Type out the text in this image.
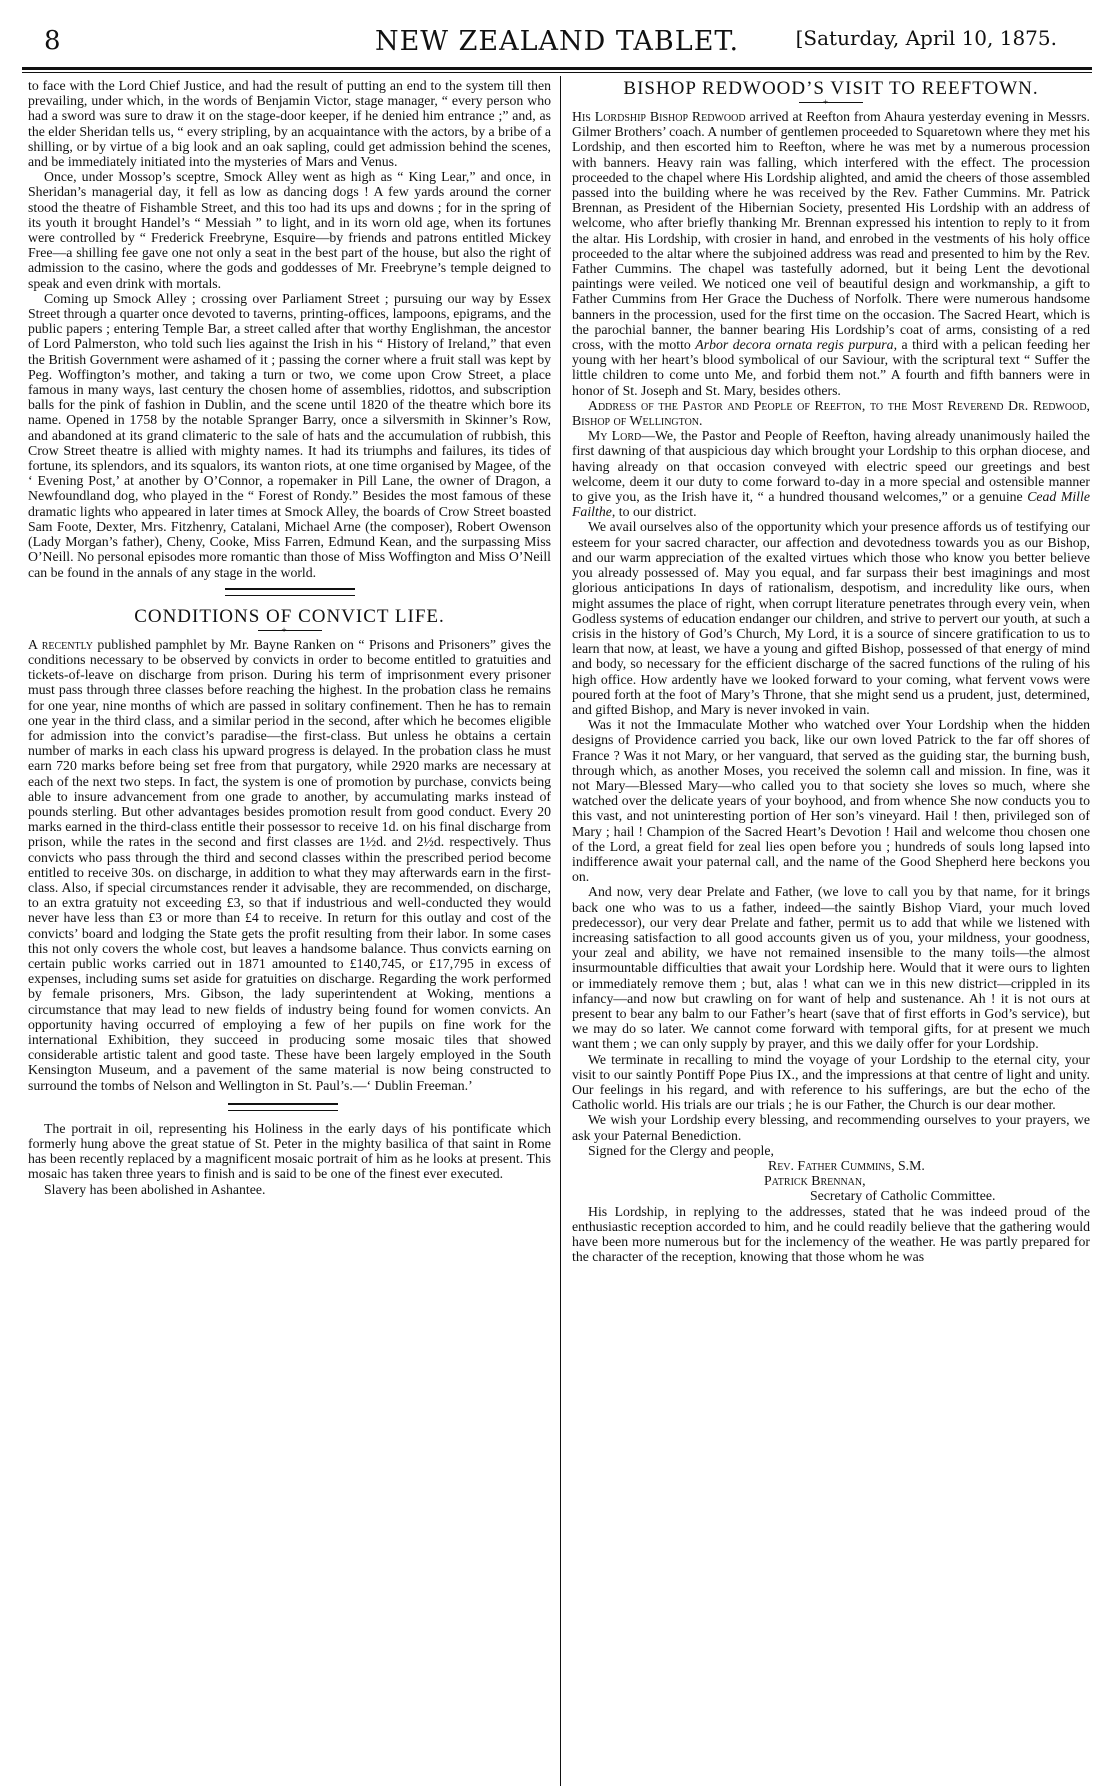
8	NEW ZEALAND TABLET.	[Saturday, April 10, 1875.

to face with the Lord Chief Justice, and had the result of putting an end to the system till then prevailing, under which, in the words of Benjamin Victor, stage manager, “ every person who had a sword was sure to draw it on the stage-door keeper, if he denied him entrance ;” and, as the elder Sheridan tells us, “ every stripling, by an acquaintance with the actors, by a bribe of a shilling, or by virtue of a big look and an oak sapling, could get admission behind the scenes, and be immediately initiated into the mysteries of Mars and Venus.

Once, under Mossop’s sceptre, Smock Alley went as high as “ King Lear,” and once, in Sheridan’s managerial day, it fell as low as dancing dogs ! A few yards around the corner stood the theatre of Fishamble Street, and this too had its ups and downs ; for in the spring of its youth it brought Handel’s “ Messiah ” to light, and in its worn old age, when its fortunes were controlled by “ Frederick Freebryne, Esquire—by friends and patrons entitled Mickey Free—a shilling fee gave one not only a seat in the best part of the house, but also the right of admission to the casino, where the gods and goddesses of Mr. Freebryne’s temple deigned to speak and even drink with mortals.

Coming up Smock Alley ; crossing over Parliament Street ; pursuing our way by Essex Street through a quarter once devoted to taverns, printing-offices, lampoons, epigrams, and the public papers ; entering Temple Bar, a street called after that worthy Englishman, the ancestor of Lord Palmerston, who told such lies against the Irish in his “ History of Ireland,” that even the British Government were ashamed of it ; passing the corner where a fruit stall was kept by Peg. Woffington’s mother, and taking a turn or two, we come upon Crow Street, a place famous in many ways, last century the chosen home of assemblies, ridottos, and subscription balls for the pink of fashion in Dublin, and the scene until 1820 of the theatre which bore its name. Opened in 1758 by the notable Spranger Barry, once a silversmith in Skinner’s Row, and abandoned at its grand climateric to the sale of hats and the accumulation of rubbish, this Crow Street theatre is allied with mighty names. It had its triumphs and failures, its tides of fortune, its splendors, and its squalors, its wanton riots, at one time organised by Magee, of the ‘ Evening Post,’ at another by O’Connor, a ropemaker in Pill Lane, the owner of Dragon, a Newfoundland dog, who played in the “ Forest of Rondy.” Besides the most famous of these dramatic lights who appeared in later times at Smock Alley, the boards of Crow Street boasted Sam Foote, Dexter, Mrs. Fitzhenry, Catalani, Michael Arne (the composer), Robert Owenson (Lady Morgan’s father), Cheny, Cooke, Miss Farren, Edmund Kean, and the surpassing Miss O’Neill. No personal episodes more romantic than those of Miss Woffington and Miss O’Neill can be found in the annals of any stage in the world.

CONDITIONS OF CONVICT LIFE.
+

A recently published pamphlet by Mr. Bayne Ranken on “ Prisons and Prisoners” gives the conditions necessary to be observed by convicts in order to become entitled to gratuities and tickets-of-leave on discharge from prison. During his term of imprisonment every prisoner must pass through three classes before reaching the highest. In the probation class he remains for one year, nine months of which are passed in solitary confinement. Then he has to remain one year in the third class, and a similar period in the second, after which he becomes eligible for admission into the convict’s paradise—the first-class. But unless he obtains a certain number of marks in each class his upward progress is delayed. In the probation class he must earn 720 marks before being set free from that purgatory, while 2920 marks are necessary at each of the next two steps. In fact, the system is one of promotion by purchase, convicts being able to insure advancement from one grade to another, by accumulating marks instead of pounds sterling. But other advantages besides promotion result from good conduct. Every 20 marks earned in the third-class entitle their possessor to receive 1d. on his final discharge from prison, while the rates in the second and first classes are 1½d. and 2½d. respectively. Thus convicts who pass through the third and second classes within the prescribed period become entitled to receive 30s. on discharge, in addition to what they may afterwards earn in the first-class. Also, if special circumstances render it advisable, they are recommended, on discharge, to an extra gratuity not exceeding £3, so that if industrious and well-conducted they would never have less than £3 or more than £4 to receive. In return for this outlay and cost of the convicts’ board and lodging the State gets the profit resulting from their labor. In some cases this not only covers the whole cost, but leaves a handsome balance. Thus convicts earning on certain public works carried out in 1871 amounted to £140,745, or £17,795 in excess of expenses, including sums set aside for gratuities on discharge. Regarding the work performed by female prisoners, Mrs. Gibson, the lady superintendent at Woking, mentions a circumstance that may lead to new fields of industry being found for women convicts. An opportunity having occurred of employing a few of her pupils on fine work for the international Exhibition, they succeed in producing some mosaic tiles that showed considerable artistic talent and good taste. These have been largely employed in the South Kensington Museum, and a pavement of the same material is now being constructed to surround the tombs of Nelson and Wellington in St. Paul’s.—‘ Dublin Freeman.’

The portrait in oil, representing his Holiness in the early days of his pontificate which formerly hung above the great statue of St. Peter in the mighty basilica of that saint in Rome has been recently replaced by a magnificent mosaic portrait of him as he looks at present. This mosaic has taken three years to finish and is said to be one of the finest ever executed.

Slavery has been abolished in Ashantee.

BISHOP REDWOOD’S VISIT TO REEFTOWN.
+

His Lordship Bishop Redwood arrived at Reefton from Ahaura yesterday evening in Messrs. Gilmer Brothers’ coach. A number of gentlemen proceeded to Squaretown where they met his Lordship, and then escorted him to Reefton, where he was met by a numerous procession with banners. Heavy rain was falling, which interfered with the effect. The procession proceeded to the chapel where His Lordship alighted, and amid the cheers of those assembled passed into the building where he was received by the Rev. Father Cummins. Mr. Patrick Brennan, as President of the Hibernian Society, presented His Lordship with an address of welcome, who after briefly thanking Mr. Brennan expressed his intention to reply to it from the altar. His Lordship, with crosier in hand, and enrobed in the vestments of his holy office proceeded to the altar where the subjoined address was read and presented to him by the Rev. Father Cummins. The chapel was tastefully adorned, but it being Lent the devotional paintings were veiled. We noticed one veil of beautiful design and workmanship, a gift to Father Cummins from Her Grace the Duchess of Norfolk. There were numerous handsome banners in the procession, used for the first time on the occasion. The Sacred Heart, which is the parochial banner, the banner bearing His Lordship’s coat of arms, consisting of a red cross, with the motto Arbor decora ornata regis purpura, a third with a pelican feeding her young with her heart’s blood symbolical of our Saviour, with the scriptural text “ Suffer the little children to come unto Me, and forbid them not.” A fourth and fifth banners were in honor of St. Joseph and St. Mary, besides others.

Address of the Pastor and People of Reefton, to the Most Reverend Dr. Redwood, Bishop of Wellington.

My Lord—We, the Pastor and People of Reefton, having already unanimously hailed the first dawning of that auspicious day which brought your Lordship to this orphan diocese, and having already on that occasion conveyed with electric speed our greetings and best welcome, deem it our duty to come forward to-day in a more special and ostensible manner to give you, as the Irish have it, “ a hundred thousand welcomes,” or a genuine Cead Mille Failthe, to our district.

We avail ourselves also of the opportunity which your presence affords us of testifying our esteem for your sacred character, our affection and devotedness towards you as our Bishop, and our warm appreciation of the exalted virtues which those who know you better believe you already possessed of. May you equal, and far surpass their best imaginings and most glorious anticipations In days of rationalism, despotism, and incredulity like ours, when might assumes the place of right, when corrupt literature penetrates through every vein, when Godless systems of education endanger our children, and strive to pervert our youth, at such a crisis in the history of God’s Church, My Lord, it is a source of sincere gratification to us to learn that now, at least, we have a young and gifted Bishop, possessed of that energy of mind and body, so necessary for the efficient discharge of the sacred functions of the ruling of his high office. How ardently have we looked forward to your coming, what fervent vows were poured forth at the foot of Mary’s Throne, that she might send us a prudent, just, determined, and gifted Bishop, and Mary is never invoked in vain.

Was it not the Immaculate Mother who watched over Your Lordship when the hidden designs of Providence carried you back, like our own loved Patrick to the far off shores of France ? Was it not Mary, or her vanguard, that served as the guiding star, the burning bush, through which, as another Moses, you received the solemn call and mission. In fine, was it not Mary—Blessed Mary—who called you to that society she loves so much, where she watched over the delicate years of your boyhood, and from whence She now conducts you to this vast, and not uninteresting portion of Her son’s vineyard. Hail ! then, privileged son of Mary ; hail ! Champion of the Sacred Heart’s Devotion ! Hail and welcome thou chosen one of the Lord, a great field for zeal lies open before you ; hundreds of souls long lapsed into indifference await your paternal call, and the name of the Good Shepherd here beckons you on.

And now, very dear Prelate and Father, (we love to call you by that name, for it brings back one who was to us a father, indeed—the saintly Bishop Viard, your much loved predecessor), our very dear Prelate and father, permit us to add that while we listened with increasing satisfaction to all good accounts given us of you, your mildness, your goodness, your zeal and ability, we have not remained insensible to the many toils—the almost insurmountable difficulties that await your Lordship here. Would that it were ours to lighten or immediately remove them ; but, alas ! what can we in this new district—crippled in its infancy—and now but crawling on for want of help and sustenance. Ah ! it is not ours at present to bear any balm to our Father’s heart (save that of first efforts in God’s service), but we may do so later. We cannot come forward with temporal gifts, for at present we much want them ; we can only supply by prayer, and this we daily offer for your Lordship.

We terminate in recalling to mind the voyage of your Lordship to the eternal city, your visit to our saintly Pontiff Pope Pius IX., and the impressions at that centre of light and unity. Our feelings in his regard, and with reference to his sufferings, are but the echo of the Catholic world. His trials are our trials ; he is our Father, the Church is our dear mother.

We wish your Lordship every blessing, and recommending ourselves to your prayers, we ask your Paternal Benediction.

Signed for the Clergy and people,

Rev. Father Cummins, S.M.

Patrick Brennan,

Secretary of Catholic Committee.

His Lordship, in replying to the addresses, stated that he was indeed proud of the enthusiastic reception accorded to him, and he could readily believe that the gathering would have been more numerous but for the inclemency of the weather. He was partly prepared for the character of the reception, knowing that those whom he was
